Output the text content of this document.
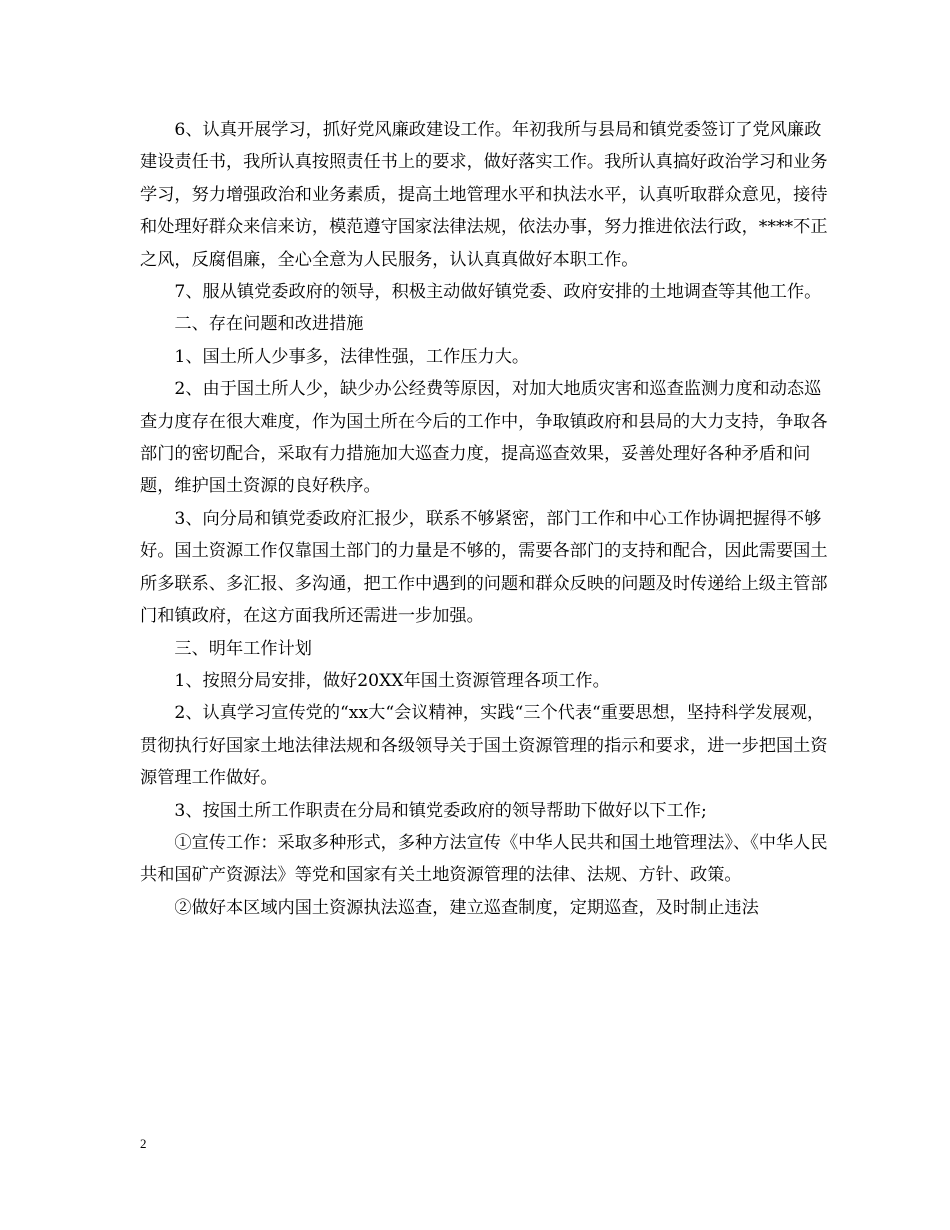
6、认真开展学习，抓好党风廉政建设工作。年初我所与县局和镇党委签订了党风廉政建设责任书，我所认真按照责任书上的要求，做好落实工作。我所认真搞好政治学习和业务学习，努力增强政治和业务素质，提高土地管理水平和执法水平，认真听取群众意见，接待和处理好群众来信来访，模范遵守国家法律法规，依法办事，努力推进依法行政，****不正之风，反腐倡廉，全心全意为人民服务，认认真真做好本职工作。

7、服从镇党委政府的领导，积极主动做好镇党委、政府安排的土地调查等其他工作。

二、存在问题和改进措施

1、国土所人少事多，法律性强，工作压力大。

2、由于国土所人少，缺少办公经费等原因，对加大地质灾害和巡查监测力度和动态巡查力度存在很大难度，作为国土所在今后的工作中，争取镇政府和县局的大力支持，争取各部门的密切配合，采取有力措施加大巡查力度，提高巡查效果，妥善处理好各种矛盾和问题，维护国土资源的良好秩序。

3、向分局和镇党委政府汇报少，联系不够紧密，部门工作和中心工作协调把握得不够好。国土资源工作仅靠国土部门的力量是不够的，需要各部门的支持和配合，因此需要国土所多联系、多汇报、多沟通，把工作中遇到的问题和群众反映的问题及时传递给上级主管部门和镇政府，在这方面我所还需进一步加强。

三、明年工作计划

1、按照分局安排，做好20XX年国土资源管理各项工作。

2、认真学习宣传党的“xx大“会议精神，实践“三个代表“重要思想，坚持科学发展观，贯彻执行好国家土地法律法规和各级领导关于国土资源管理的指示和要求，进一步把国土资源管理工作做好。

3、按国土所工作职责在分局和镇党委政府的领导帮助下做好以下工作;

①宣传工作：采取多种形式，多种方法宣传《中华人民共和国土地管理法》、《中华人民共和国矿产资源法》等党和国家有关土地资源管理的法律、法规、方针、政策。

②做好本区域内国土资源执法巡查，建立巡查制度，定期巡查，及时制止违法

2
